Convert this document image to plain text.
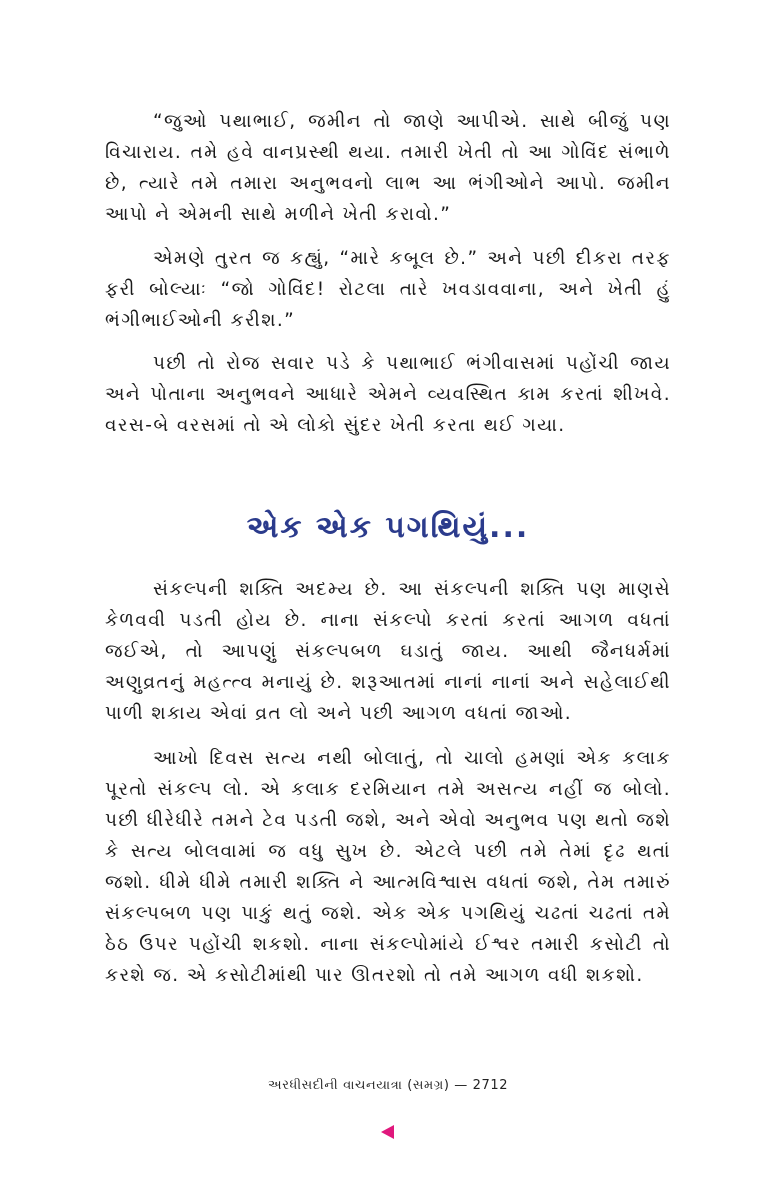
“જુઓ પથાભાઈ, જમીન તો જાણે આપીએ. સાથે બીજું પણ વિચારાય. તમે હવે વાનપ્રસ્થી થયા. તમારી ખેતી તો આ ગોવિંદ સંભાળે છે, ત્યારે તમે તમારા અનુભવનો લાભ આ ભંગીઓને આપો. જમીન આપો ને એમની સાથે મળીને ખેતી કરાવો.”

એમણે તુરત જ કહ્યું, “મારે કબૂલ છે.” અને પછી દીકરા તરફ ફરી બોલ્યાઃ “જો ગોવિંદ! રોટલા તારે ખવડાવવાના, અને ખેતી હું ભંગીભાઈઓની કરીશ.”

પછી તો રોજ સવાર પડે કે પથાભાઈ ભંગીવાસમાં પહોંચી જાય અને પોતાના અનુભવને આધારે એમને વ્યવસ્થિત કામ કરતાં શીખવે. વરસ-બે વરસમાં તો એ લોકો સુંદર ખેતી કરતા થઈ ગયા.

એક એક પગથિયું...

સંકલ્પની શક્તિ અદમ્ય છે. આ સંકલ્પની શક્તિ પણ માણસે કેળવવી પડતી હોય છે. નાના સંકલ્પો કરતાં કરતાં આગળ વધતાં જઈએ, તો આપણું સંકલ્પબળ ઘડાતું જાય. આથી જૈનધર્મમાં અણુવ્રતનું મહત્ત્વ મનાયું છે. શરૂઆતમાં નાનાં નાનાં અને સહેલાઈથી પાળી શકાય એવાં વ્રત લો અને પછી આગળ વધતાં જાઓ.

આખો દિવસ સત્ય નથી બોલાતું, તો ચાલો હમણાં એક કલાક પૂરતો સંકલ્પ લો. એ કલાક દરમિયાન તમે અસત્ય નહીં જ બોલો. પછી ધીરેધીરે તમને ટેવ પડતી જશે, અને એવો અનુભવ પણ થતો જશે કે સત્ય બોલવામાં જ વધુ સુખ છે. એટલે પછી તમે તેમાં દૃઢ થતાં જશો. ધીમે ધીમે તમારી શક્તિ ને આત્મવિશ્વાસ વધતાં જશે, તેમ તમારું સંકલ્પબળ પણ પાકું થતું જશે. એક એક પગથિયું ચઢતાં ચઢતાં તમે ઠેઠ ઉપર પહોંચી શકશો. નાના સંકલ્પોમાંયે ઈશ્વર તમારી કસોટી તો કરશે જ. એ કસોટીમાંથી પાર ઊતરશો તો તમે આગળ વધી શકશો.

અરધીસદીની વાચનયાત્રા (સમગ્ર) — 2712
